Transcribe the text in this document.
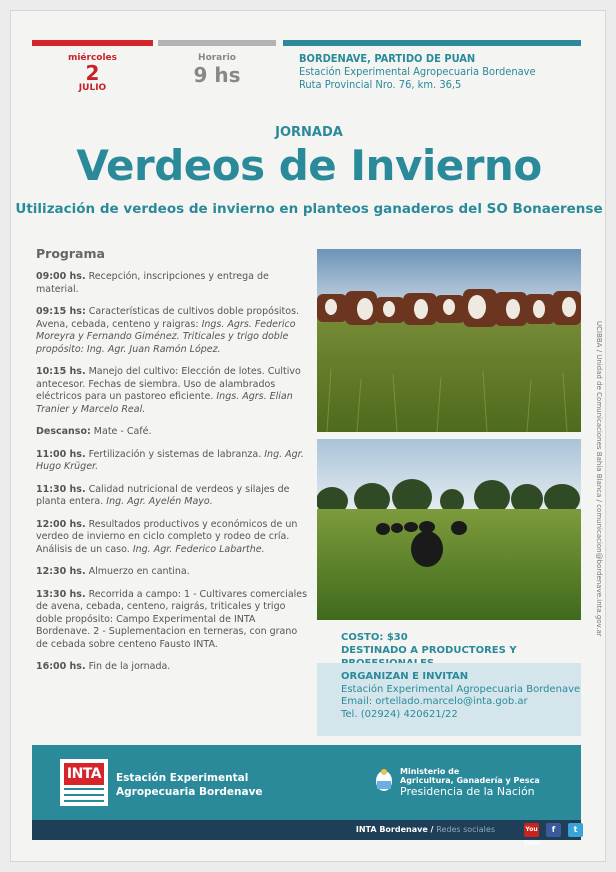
miércoles
2
JULIO
Horario
9 hs
BORDENAVE, PARTIDO DE PUAN
Estación Experimental Agropecuaria Bordenave
Ruta Provincial Nro. 76, km. 36,5
JORNADA
Verdeos de Invierno
Utilización de verdeos de invierno en planteos ganaderos del SO Bonaerense
Programa
09:00 hs. Recepción, inscripciones y entrega de material.
09:15 hs: Características de cultivos doble propósitos. Avena, cebada, centeno y raigras: Ings. Agrs. Federico Moreyra y Fernando Giménez. Triticales y trigo doble propósito: Ing. Agr. Juan Ramón López.
10:15 hs. Manejo del cultivo: Elección de lotes. Cultivo antecesor. Fechas de siembra. Uso de alambrados eléctricos para un pastoreo eficiente. Ings. Agrs. Elian Tranier y Marcelo Real.
Descanso: Mate - Café.
11:00 hs. Fertilización y sistemas de labranza. Ing. Agr. Hugo Krüger.
11:30 hs. Calidad nutricional de verdeos y silajes de planta entera. Ing. Agr. Ayelén Mayo.
12:00 hs. Resultados productivos y económicos de un verdeo de invierno en ciclo completo y rodeo de cría. Análisis de un caso. Ing. Agr. Federico Labarthe.
12:30 hs. Almuerzo en cantina.
13:30 hs. Recorrida a campo: 1 - Cultivares comerciales de avena, cebada, centeno, raigrás, triticales y trigo doble propósito: Campo Experimental de INTA Bordenave. 2 - Suplementacion en terneras, con grano de cebada sobre centeno Fausto INTA.
16:00 hs. Fin de la jornada.
UCIBBA / Unidad de Comunicaciones Bahía Blanca / comunicacion@bordenave.inta.gov.ar
COSTO: $30
DESTINADO A PRODUCTORES Y
ORGANIZAN E INVITAN
Estación Experimental Agropecuaria Bordenave
Email: ortellado.marcelo@inta.gob.ar
Tel. (02924) 420621/22
INTA Estación Experimental
Agropecuaria Bordenave
Ministerio de
Agricultura, Ganadería y Pesca
Presidencia de la Nación
INTA Bordenave / Redes sociales	You Tube
f	t
